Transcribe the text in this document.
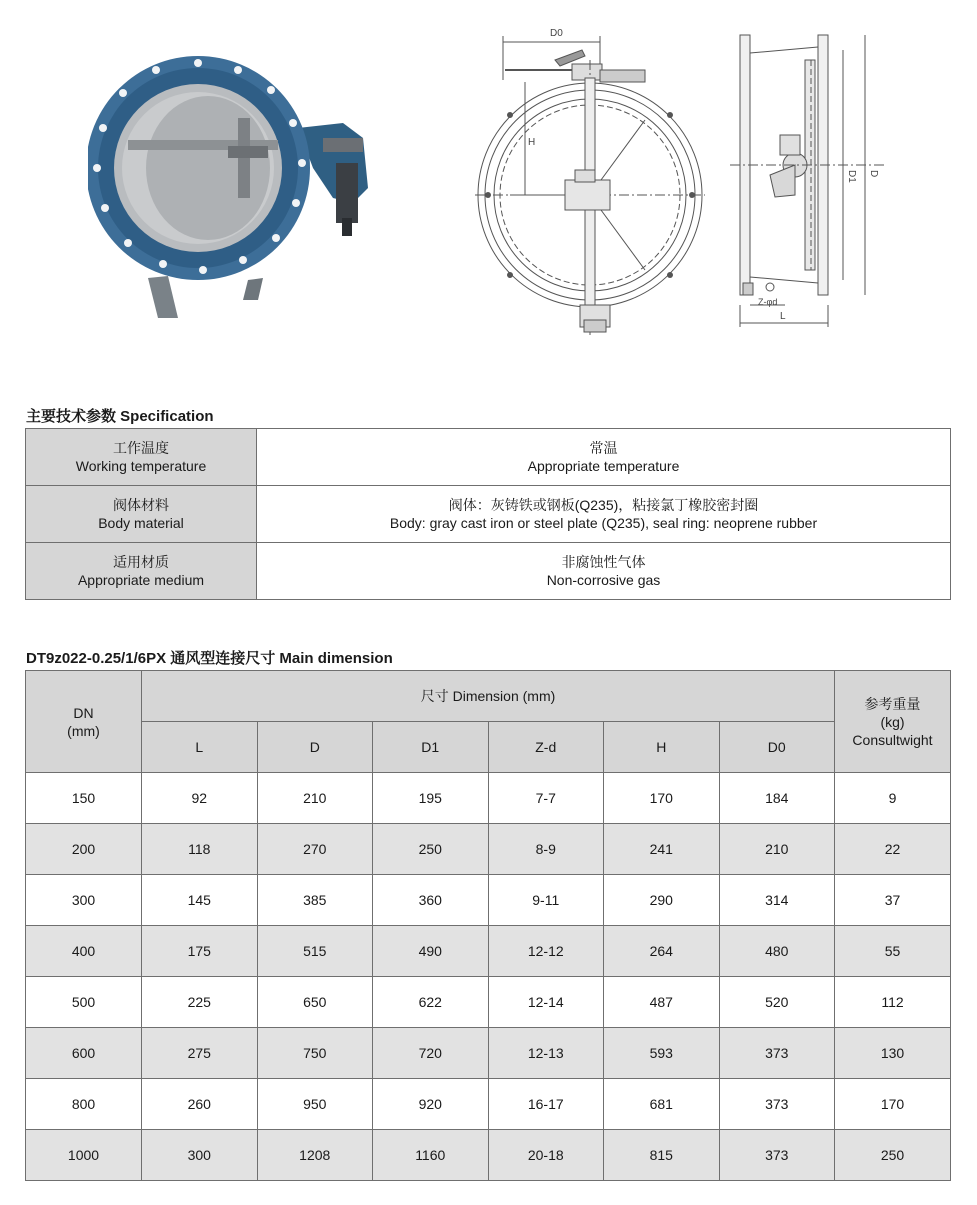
D0
H
D1 D
Z-φd
L
主要技术参数 Specification
工作温度
Working temperature	常温
Appropriate temperature

阀体材料
Body material	阀体：灰铸铁或钢板(Q235)，粘接氯丁橡胶密封圈
Body: gray cast iron or steel plate (Q235), seal ring: neoprene rubber

适用材质
Appropriate medium	非腐蚀性气体
Non-corrosive gas
DT9z022-0.25/1/6PX 通风型连接尺寸 Main dimension
DN
(mm)	尺寸 Dimension (mm)						参考重量
(kg)
Consultwight

	L	D	D1	Z-d	H	D0	
150	92	210	195	7-7	170	184	9
200	118	270	250	8-9	241	210	22
300	145	385	360	9-11	290	314	37
400	175	515	490	12-12	264	480	55
500	225	650	622	12-14	487	520	112
600	275	750	720	12-13	593	373	130
800	260	950	920	16-17	681	373	170
1000	300	1208	1160	20-18	815	373	250
